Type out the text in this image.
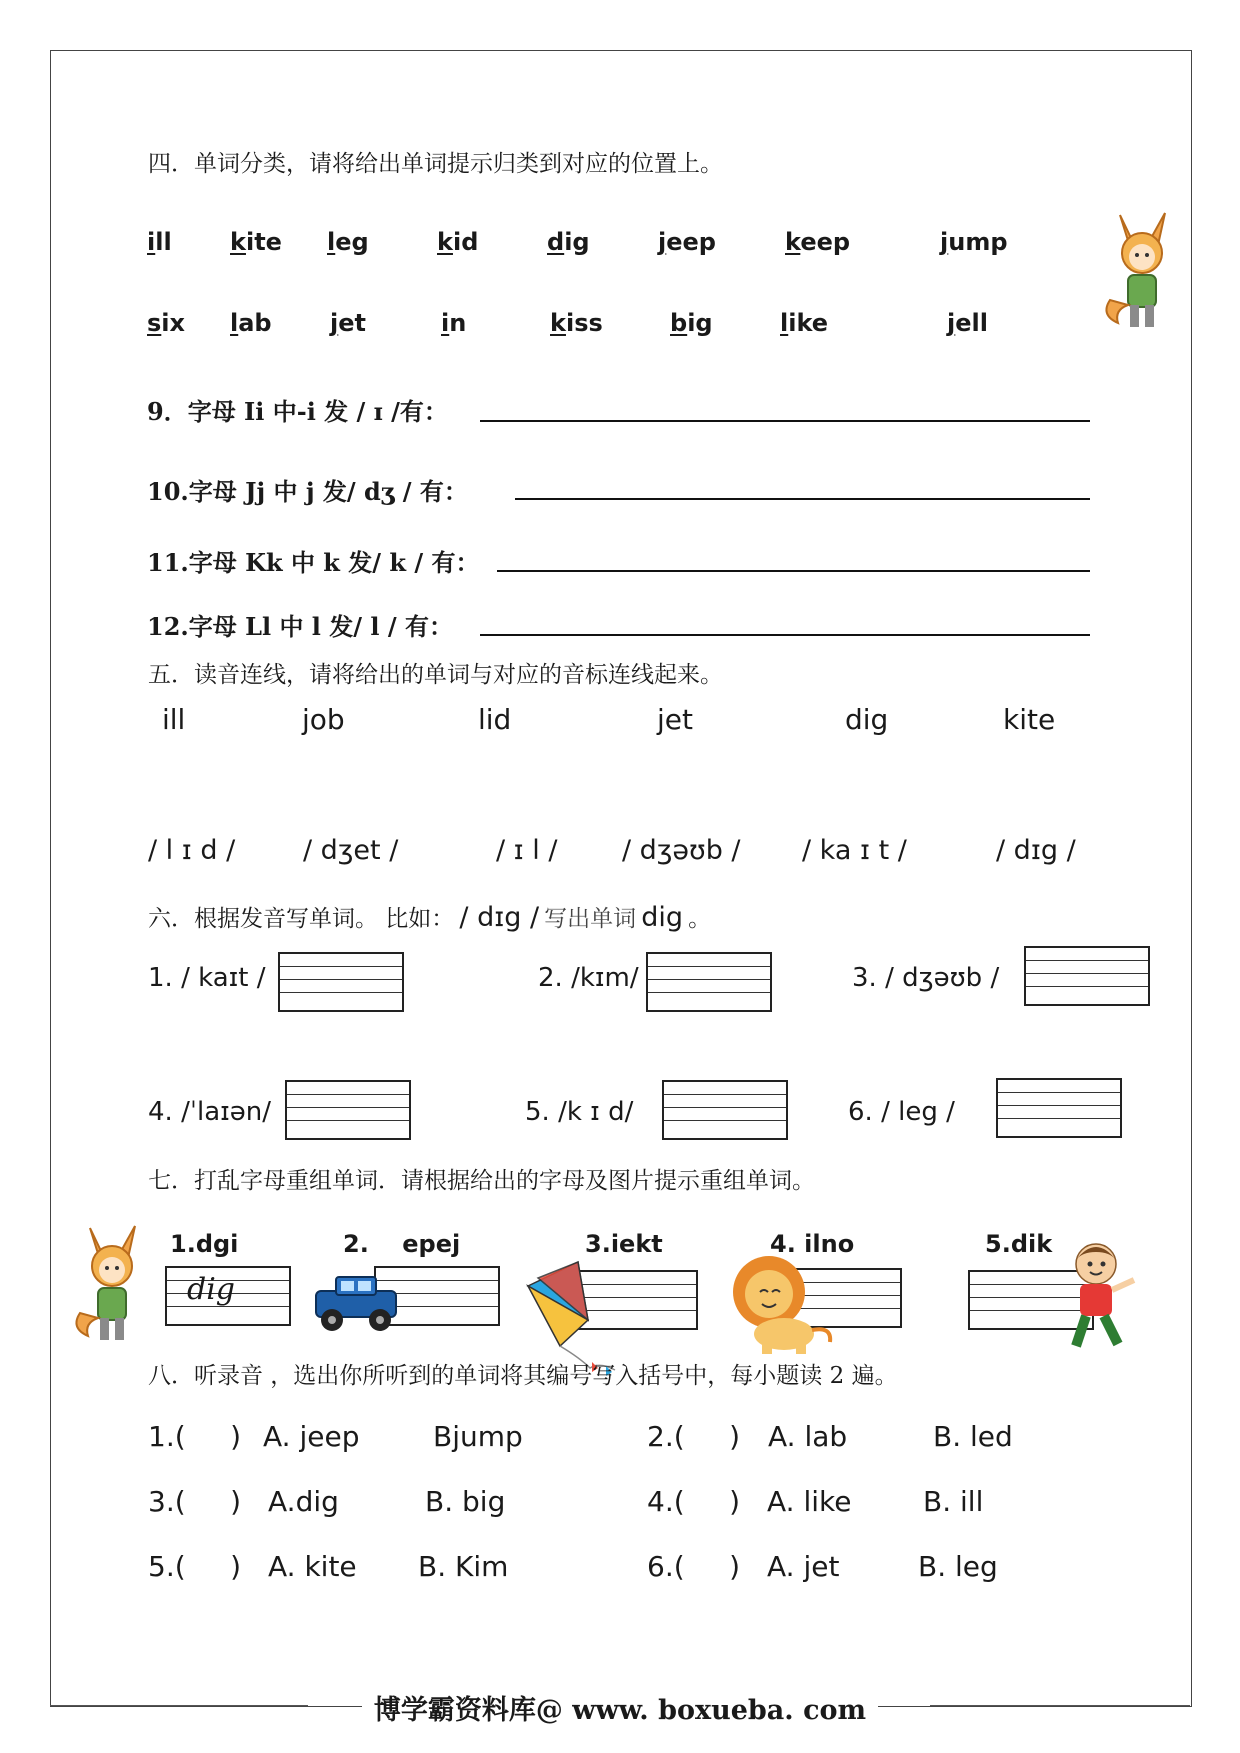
四．单词分类，请将给出单词提示归类到对应的位置上。
ill kite leg	kid	dig	jeep	keep	jump
six lab jet	in	kiss	big	like	jell
9．字母 Ii 中-i 发 / ɪ /有：
10.字母 Jj 中 j 发/ dʒ / 有：
11.字母 Kk 中 k 发/ k / 有：
12.字母 Ll 中 l 发/ l / 有：
五．读音连线，请将给出的单词与对应的音标连线起来。
ill	job	lid	jet	dig	kite
/ l ɪ d /	/ dʒet /	/ ɪ l / / dʒəʊb / / ka ɪ t /	/ dɪg /
六．根据发音写单词。 比如： / dɪg / 写出单词 dig 。
1. / kaɪt /	2. /kɪm/	3. / dʒəʊb /
4. /ˈlaɪən/	5. /k ɪ d/	6. / leg /
七．打乱字母重组单词．请根据给出的字母及图片提示重组单词。
1.dgi	2.    epej	3.iekt	4. ilno	5.dik
dig
八．听录音 ，选出你所听到的单词将其编号写入括号中，每小题读 2 遍。
1.(     ) A. jeep	Bjump	2.(     ) A. lab	B. led
3.(     ) A.dig	B. big	4.(     ) A. like	B. ill
5.(     ) A. kite B. Kim	6.(     ) A. jet	B. leg
博学霸资料库@ www. boxueba. com
